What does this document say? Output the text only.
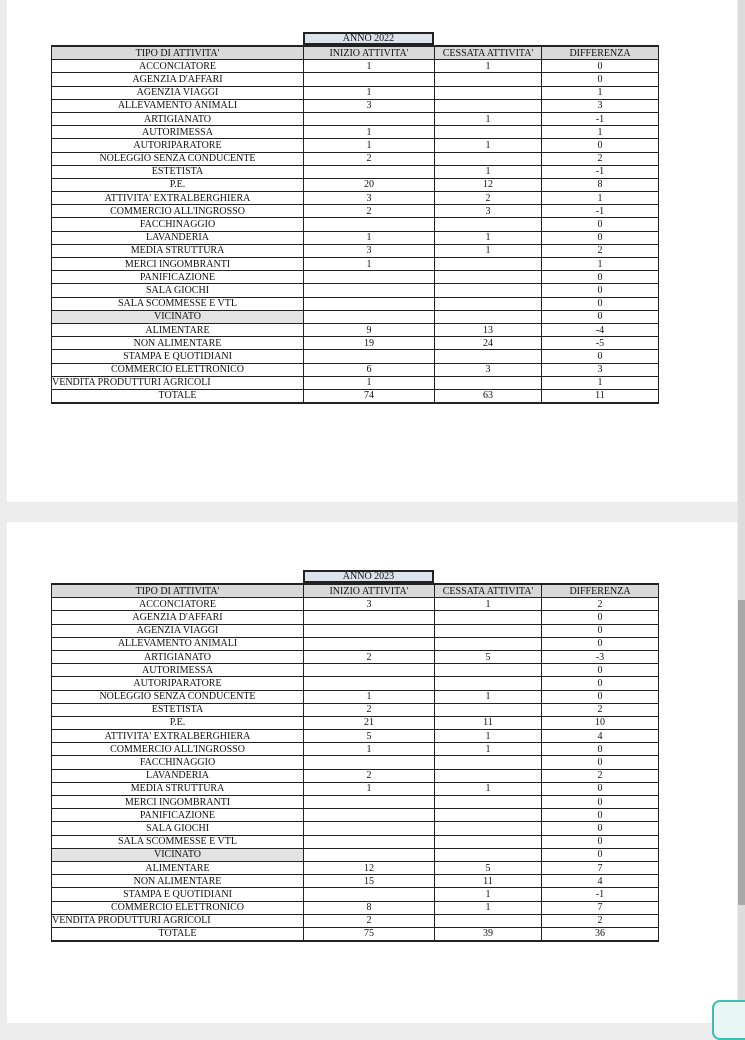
ANNO 2022
TIPO DI ATTIVITA'	INIZIO ATTIVITA'	CESSATA ATTIVITA'	DIFFERENZA
ACCONCIATORE	1	1	0
AGENZIA D'AFFARI			0
AGENZIA VIAGGI	1		1
ALLEVAMENTO ANIMALI	3		3
ARTIGIANATO		1	-1
AUTORIMESSA	1		1
AUTORIPARATORE	1	1	0
NOLEGGIO SENZA CONDUCENTE	2		2
ESTETISTA		1	-1
P.E.	20	12	8
ATTIVITA' EXTRALBERGHIERA	3	2	1
COMMERCIO ALL'INGROSSO	2	3	-1
FACCHINAGGIO			0
LAVANDERIA	1	1	0
MEDIA STRUTTURA	3	1	2
MERCI INGOMBRANTI	1		1
PANIFICAZIONE			0
SALA GIOCHI			0
SALA SCOMMESSE E VTL			0
VICINATO			0
ALIMENTARE	9	13	-4
NON ALIMENTARE	19	24	-5
STAMPA E QUOTIDIANI			0
COMMERCIO ELETTRONICO	6	3	3
VENDITA PRODUTTURI AGRICOLI	1		1
TOTALE	74	63	11
ANNO 2023
TIPO DI ATTIVITA'	INIZIO ATTIVITA'	CESSATA ATTIVITA'	DIFFERENZA
ACCONCIATORE	3	1	2
AGENZIA D'AFFARI			0
AGENZIA VIAGGI			0
ALLEVAMENTO ANIMALI			0
ARTIGIANATO	2	5	-3
AUTORIMESSA			0
AUTORIPARATORE			0
NOLEGGIO SENZA CONDUCENTE	1	1	0
ESTETISTA	2		2
P.E.	21	11	10
ATTIVITA' EXTRALBERGHIERA	5	1	4
COMMERCIO ALL'INGROSSO	1	1	0
FACCHINAGGIO			0
LAVANDERIA	2		2
MEDIA STRUTTURA	1	1	0
MERCI INGOMBRANTI			0
PANIFICAZIONE			0
SALA GIOCHI			0
SALA SCOMMESSE E VTL			0
VICINATO			0
ALIMENTARE	12	5	7
NON ALIMENTARE	15	11	4
STAMPA E QUOTIDIANI		1	-1
COMMERCIO ELETTRONICO	8	1	7
VENDITA PRODUTTURI AGRICOLI	2		2
TOTALE	75	39	36
